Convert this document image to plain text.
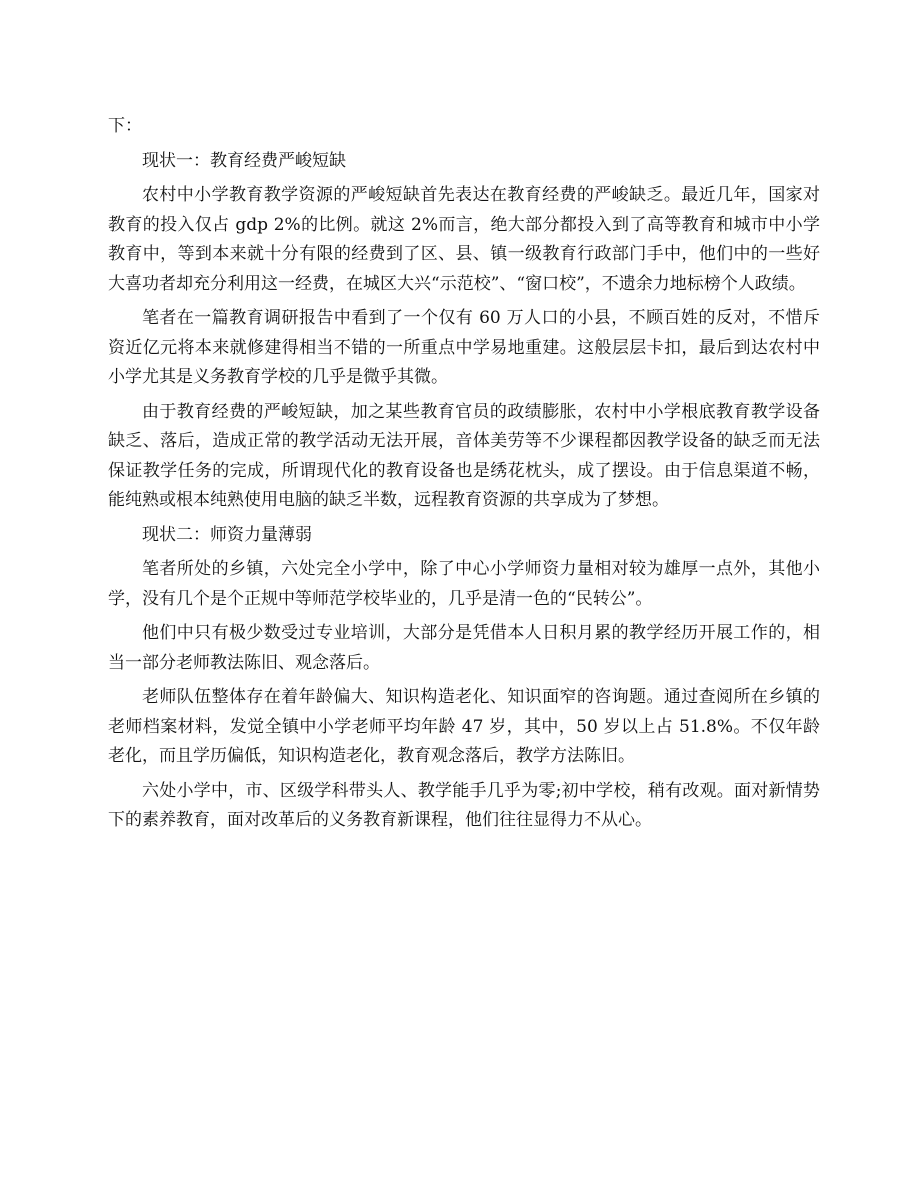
下：

现状一：教育经费严峻短缺

农村中小学教育教学资源的严峻短缺首先表达在教育经费的严峻缺乏。最近几年，国家对教育的投入仅占 gdp 2%的比例。就这 2%而言，绝大部分都投入到了高等教育和城市中小学教育中，等到本来就十分有限的经费到了区、县、镇一级教育行政部门手中，他们中的一些好大喜功者却充分利用这一经费，在城区大兴“示范校”、“窗口校”，不遗余力地标榜个人政绩。

笔者在一篇教育调研报告中看到了一个仅有 60 万人口的小县，不顾百姓的反对，不惜斥资近亿元将本来就修建得相当不错的一所重点中学易地重建。这般层层卡扣，最后到达农村中小学尤其是义务教育学校的几乎是微乎其微。

由于教育经费的严峻短缺，加之某些教育官员的政绩膨胀，农村中小学根底教育教学设备缺乏、落后，造成正常的教学活动无法开展，音体美劳等不少课程都因教学设备的缺乏而无法保证教学任务的完成，所谓现代化的教育设备也是绣花枕头，成了摆设。由于信息渠道不畅，能纯熟或根本纯熟使用电脑的缺乏半数，远程教育资源的共享成为了梦想。

现状二：师资力量薄弱

笔者所处的乡镇，六处完全小学中，除了中心小学师资力量相对较为雄厚一点外，其他小学，没有几个是个正规中等师范学校毕业的，几乎是清一色的“民转公”。

他们中只有极少数受过专业培训，大部分是凭借本人日积月累的教学经历开展工作的，相当一部分老师教法陈旧、观念落后。

老师队伍整体存在着年龄偏大、知识构造老化、知识面窄的咨询题。通过查阅所在乡镇的老师档案材料，发觉全镇中小学老师平均年龄 47 岁，其中，50 岁以上占 51.8%。不仅年龄老化，而且学历偏低，知识构造老化，教育观念落后，教学方法陈旧。

六处小学中，市、区级学科带头人、教学能手几乎为零;初中学校，稍有改观。面对新情势下的素养教育，面对改革后的义务教育新课程，他们往往显得力不从心。
